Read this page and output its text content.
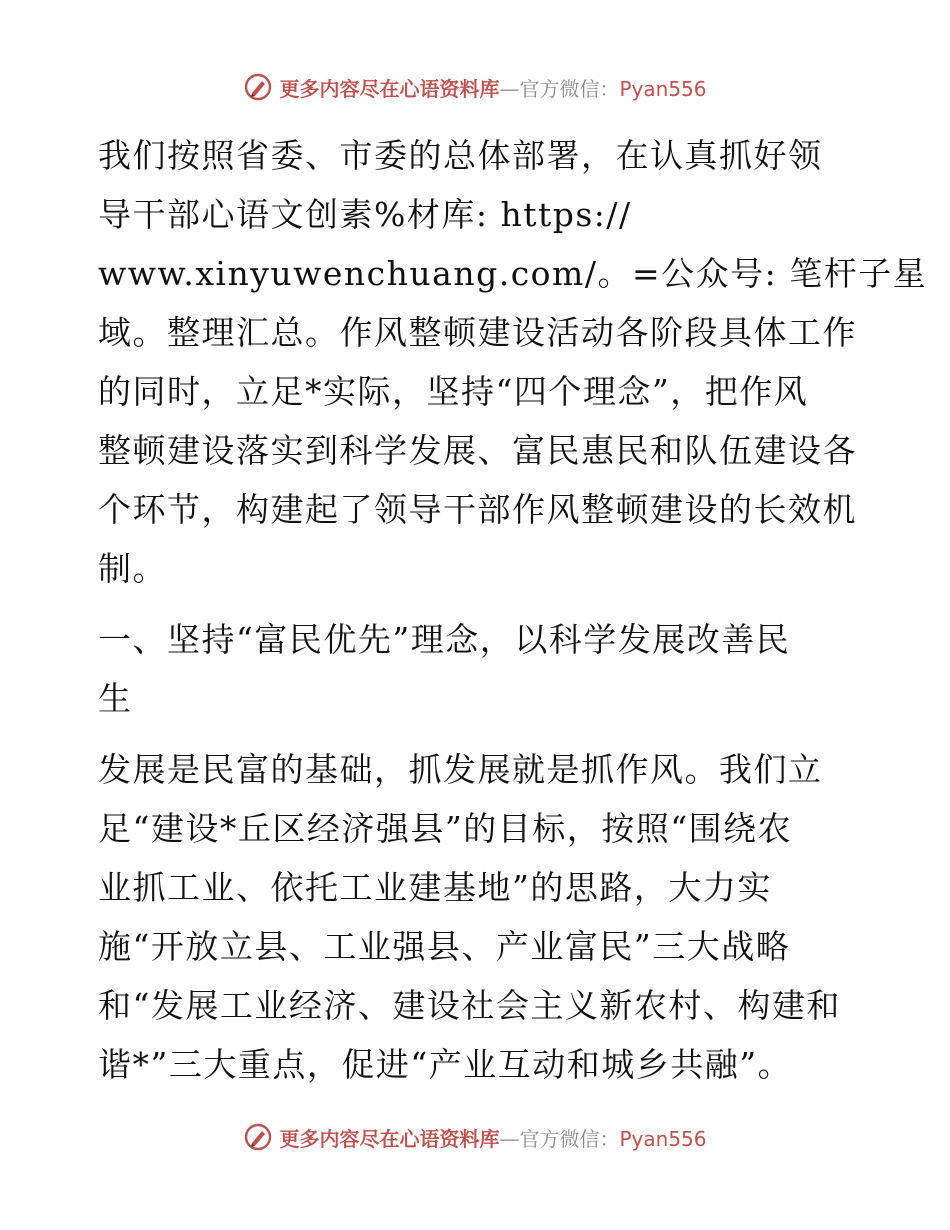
更多内容尽在心语资料库—官方微信：Pyan556

我们按照省委、市委的总体部署，在认真抓好领
导干部心语文创素%材库: https://
www.xinyuwenchuang.com/。=公众号: 笔杆子星
域。整理汇总。作风整顿建设活动各阶段具体工作
的同时，立足*实际，坚持“四个理念”，把作风
整顿建设落实到科学发展、富民惠民和队伍建设各
个环节，构建起了领导干部作风整顿建设的长效机
制。

一、坚持“富民优先”理念，以科学发展改善民
生

发展是民富的基础，抓发展就是抓作风。我们立
足“建设*丘区经济强县”的目标，按照“围绕农
业抓工业、依托工业建基地”的思路，大力实
施“开放立县、工业强县、产业富民”三大战略
和“发展工业经济、建设社会主义新农村、构建和
谐*”三大重点，促进“产业互动和城乡共融”。

更多内容尽在心语资料库—官方微信：Pyan556
